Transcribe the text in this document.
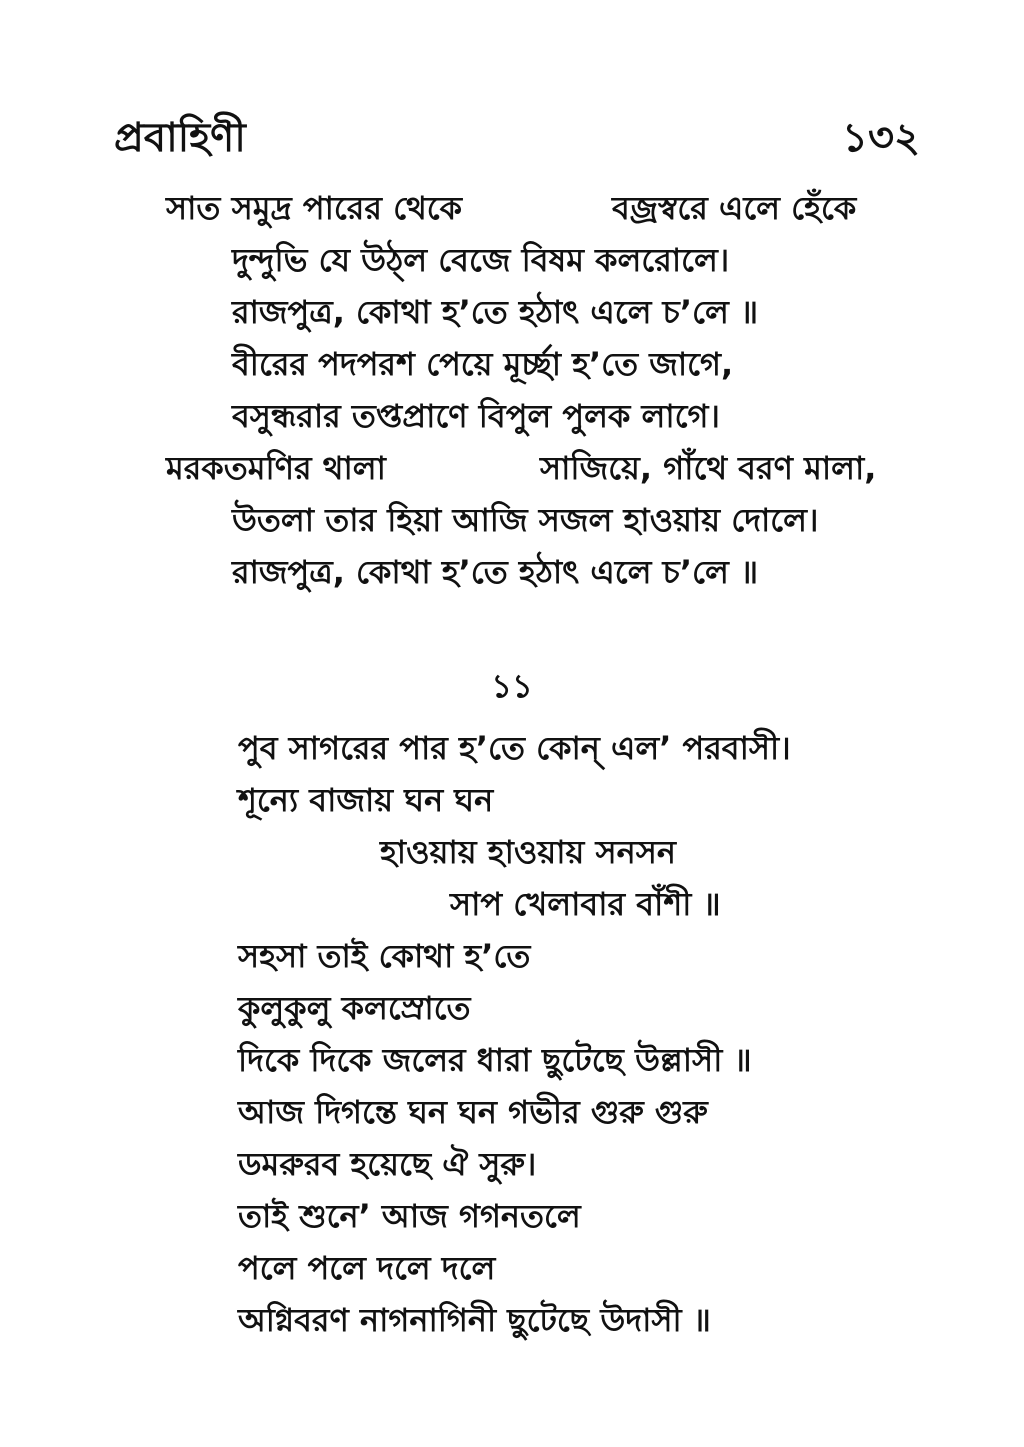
প্রবাহিণী	১৩২
সাত সমুদ্র পারের থেকে	বজ্রস্বরে এলে হেঁকে
দুন্দুভি যে উঠ্‌ল বেজে বিষম কলরোলে।
রাজপুত্র, কোথা হ’তে হঠাৎ এলে চ’লে ॥
বীরের পদপরশ পেয়ে মূর্চ্ছা হ’তে জাগে,
বসুন্ধরার তপ্তপ্রাণে বিপুল পুলক লাগে।
মরকতমণির থালা	সাজিয়ে, গাঁথে বরণ মালা,
উতলা তার হিয়া আজি সজল হাওয়ায় দোলে।
রাজপুত্র, কোথা হ’তে হঠাৎ এলে চ’লে ॥
১১
পুব সাগরের পার হ’তে কোন্ এল’ পরবাসী।
শূন্যে বাজায় ঘন ঘন
হাওয়ায় হাওয়ায় সনসন
সাপ খেলাবার বাঁশী ॥
সহসা তাই কোথা হ’তে
কুলুকুলু কলস্রোতে
দিকে দিকে জলের ধারা ছুটেছে উল্লাসী ॥
আজ দিগন্তে ঘন ঘন গভীর গুরু গুরু
ডমরুরব হয়েছে ঐ সুরু।
তাই শুনে’ আজ গগনতলে
পলে পলে দলে দলে
অগ্নিবরণ নাগনাগিনী ছুটেছে উদাসী ॥
